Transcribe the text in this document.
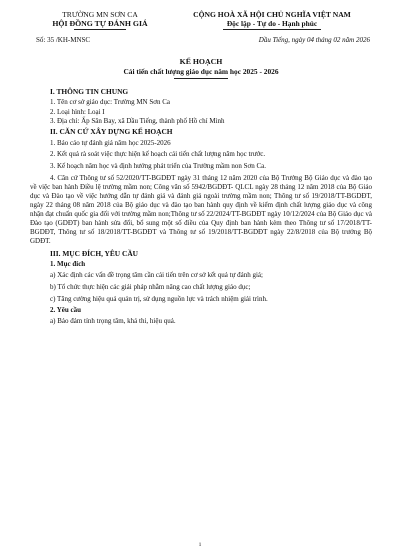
TRƯỜNG MN SƠN CA
HỘI ĐỒNG TỰ ĐÁNH GIÁ
CỘNG HOÀ XÃ HỘI CHỦ NGHĨA VIỆT NAM
Độc lập - Tự do - Hạnh phúc
Số: 35 /KH-MNSC	Dầu Tiếng, ngày 04 tháng 02 năm 2026
KẾ HOẠCH
Cải tiến chất lượng giáo dục năm học 2025 - 2026
I. THÔNG TIN CHUNG
1. Tên cơ sở giáo dục: Trường MN Sơn Ca
2. Loại hình: Loại I
3. Địa chỉ: Ấp Sân Bay, xã Dầu Tiếng, thành phố Hồ chí Minh
II. CĂN CỨ XÂY DỰNG KẾ HOẠCH
1. Báo cáo tự đánh giá năm học 2025-2026
2. Kết quả rà soát việc thực hiện kế hoạch cải tiến chất lượng năm học trước.
3. Kế hoạch năm học và định hướng phát triển của Trường mầm non Sơn Ca.
4. Căn cứ Thông tư số 52/2020/TT-BGDĐT ngày 31 tháng 12 năm 2020 của Bộ Trưởng Bộ Giáo dục và đào tạo về việc ban hành Điều lệ trường mầm non; Công văn số 5942/BGDĐT- QLCL ngày 28 tháng 12 năm 2018 của Bộ Giáo dục và Đào tạo về việc hướng dẫn tự đánh giá và đánh giá ngoài trường mầm non; Thông tư số 19/2018/TT-BGDĐT, ngày 22 tháng 08 năm 2018 của Bộ giáo dục và đào tạo ban hành quy định về kiểm định chất lượng giáo dục và công nhận đạt chuẩn quốc gia đối với trường mầm non;Thông tư số 22/2024/TT-BGDĐT ngày 10/12/2024 của Bộ Giáo dục và Đào tạo (GDĐT) ban hành sửa đổi, bổ sung một số điều của Quy định ban hành kèm theo Thông tư số 17/2018/TT-BGDĐT, Thông tư số 18/2018/TT-BGDĐT và Thông tư số 19/2018/TT-BGDĐT ngày 22/8/2018 của Bộ trưởng Bộ GDĐT.
III. MỤC ĐÍCH, YÊU CẦU
1. Mục đích
a) Xác định các vấn đề trọng tâm cần cải tiến trên cơ sở kết quả tự đánh giá;
b) Tổ chức thực hiện các giải pháp nhằm nâng cao chất lượng giáo dục;
c) Tăng cường hiệu quả quản trị, sử dụng nguồn lực và trách nhiệm giải trình.
2. Yêu cầu
a) Bảo đảm tính trọng tâm, khả thi, hiệu quả.
1
